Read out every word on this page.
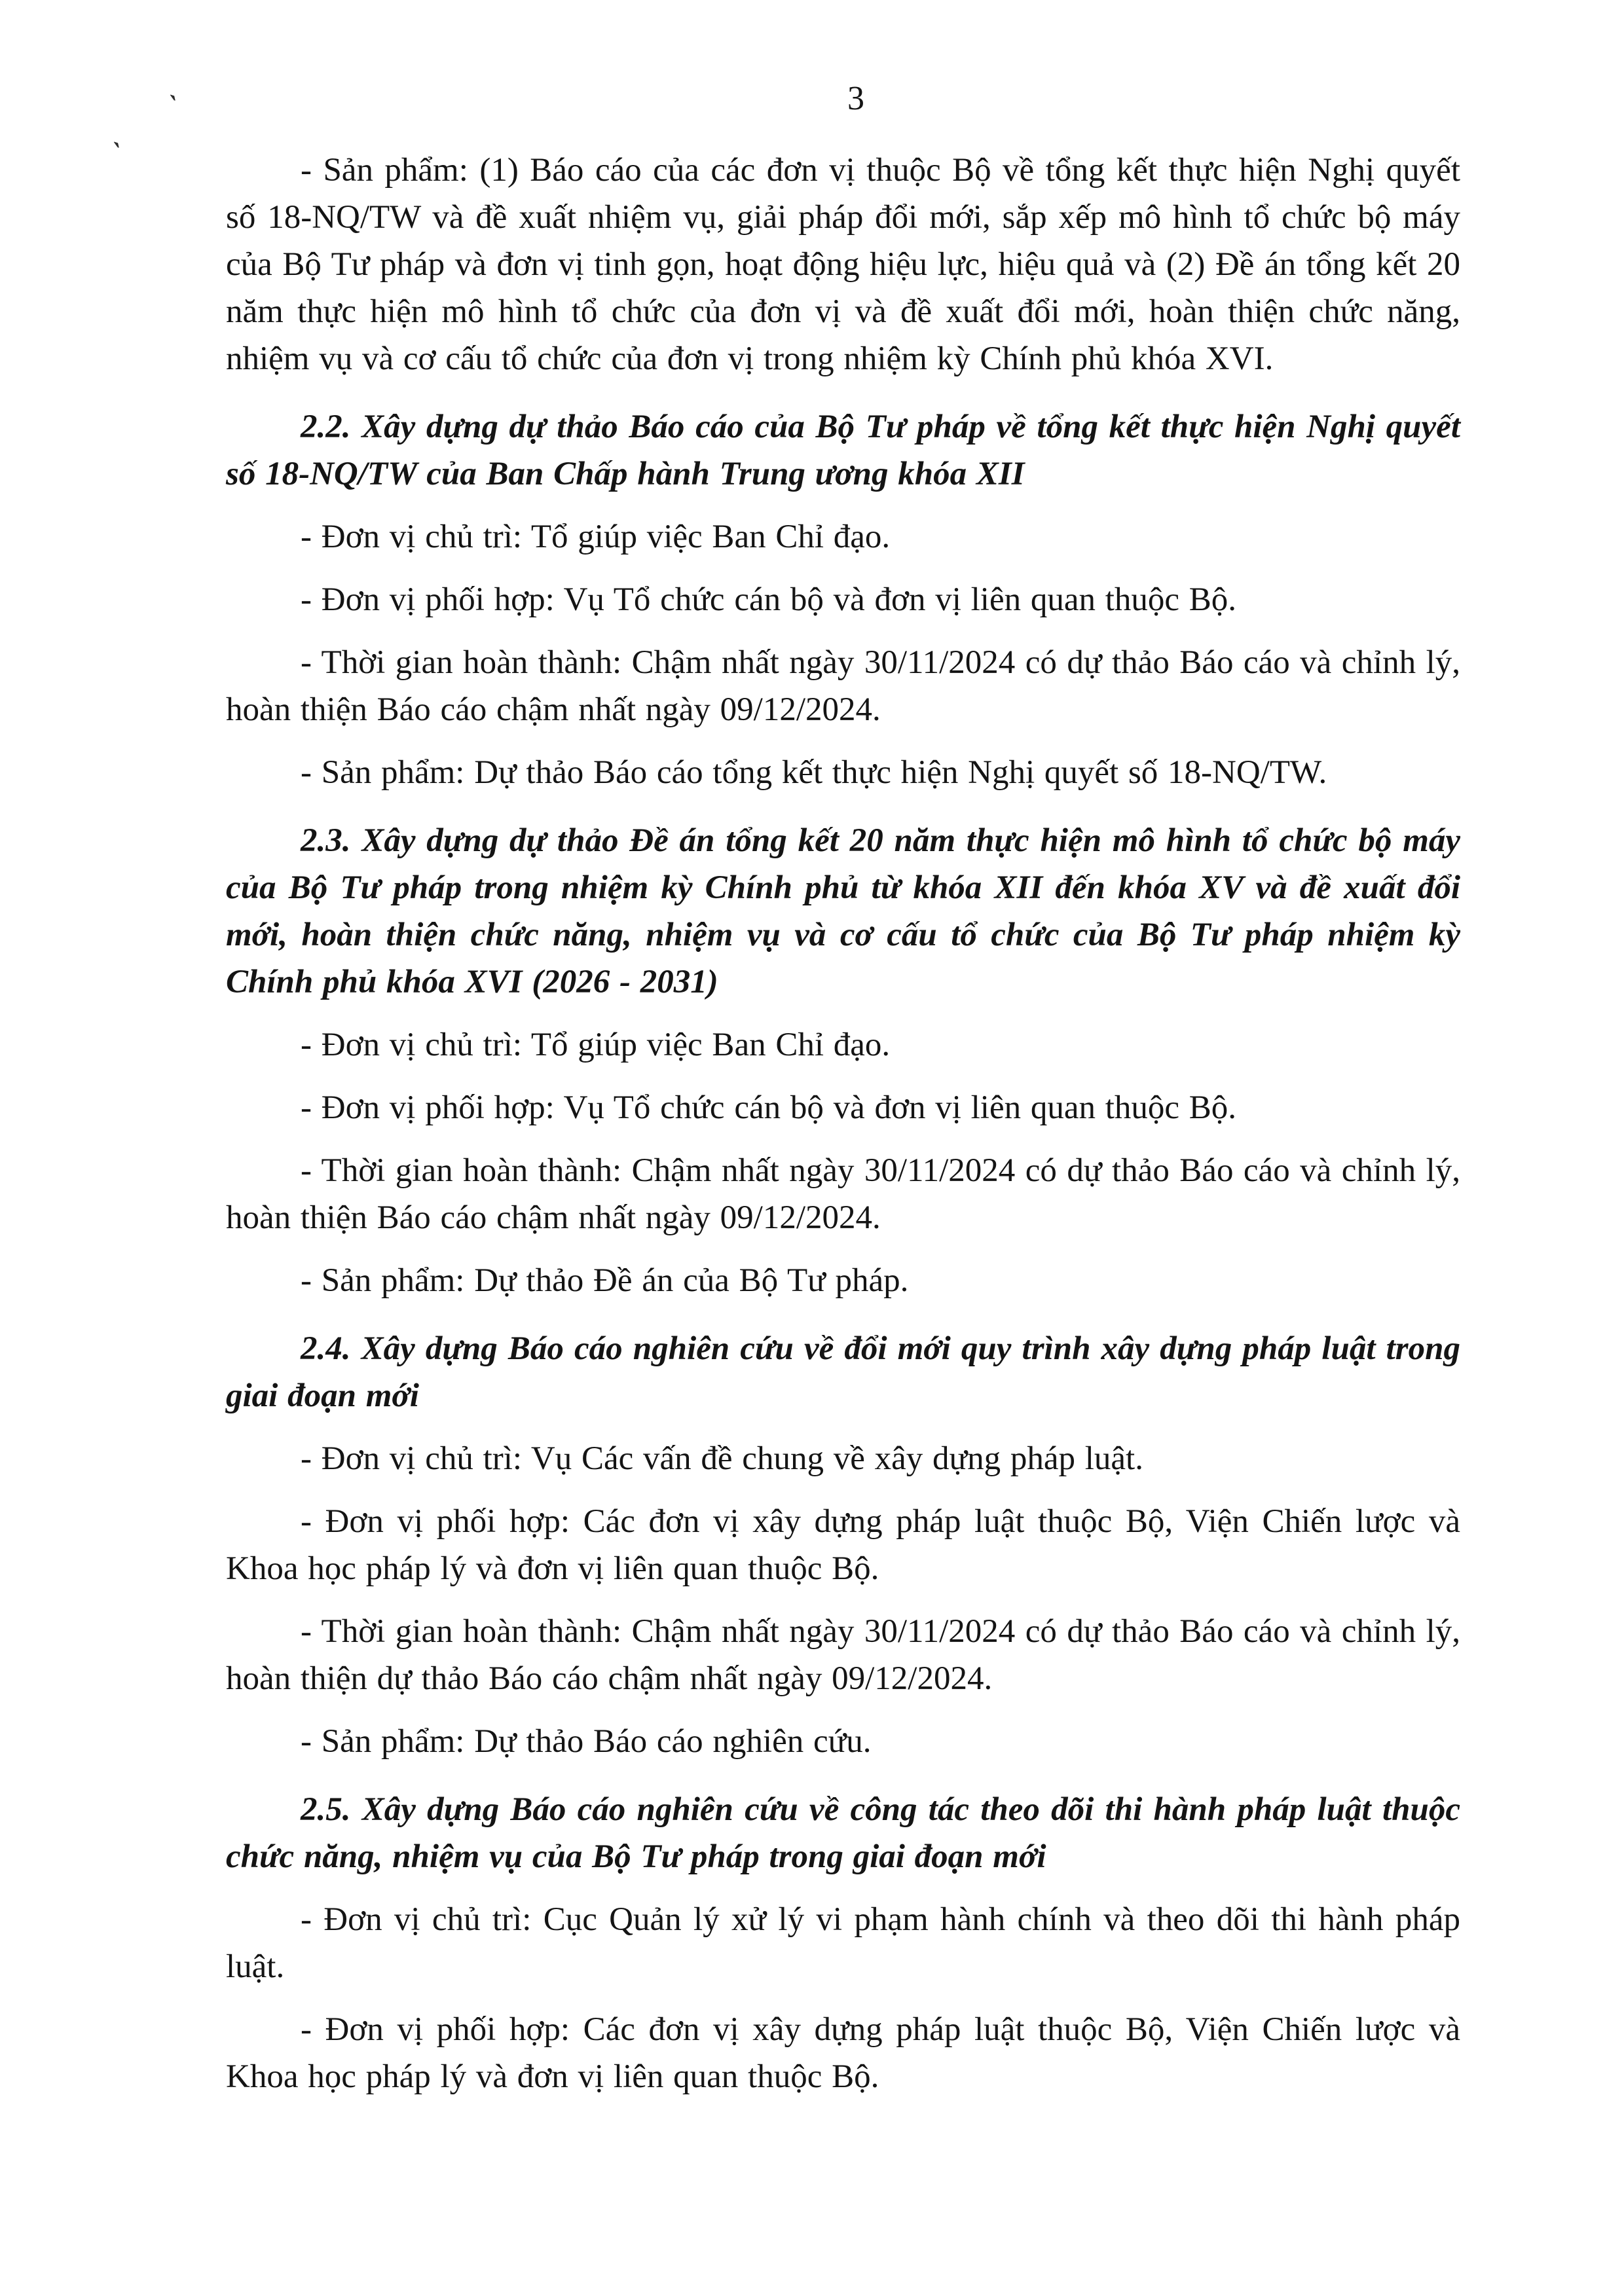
`
`
3

- Sản phẩm: (1) Báo cáo của các đơn vị thuộc Bộ về tổng kết thực hiện Nghị quyết số 18-NQ/TW và đề xuất nhiệm vụ, giải pháp đổi mới, sắp xếp mô hình tổ chức bộ máy của Bộ Tư pháp và đơn vị tinh gọn, hoạt động hiệu lực, hiệu quả và (2) Đề án tổng kết 20 năm thực hiện mô hình tổ chức của đơn vị và đề xuất đổi mới, hoàn thiện chức năng, nhiệm vụ và cơ cấu tổ chức của đơn vị trong nhiệm kỳ Chính phủ khóa XVI.

2.2. Xây dựng dự thảo Báo cáo của Bộ Tư pháp về tổng kết thực hiện Nghị quyết số 18-NQ/TW của Ban Chấp hành Trung ương khóa XII

- Đơn vị chủ trì: Tổ giúp việc Ban Chỉ đạo.

- Đơn vị phối hợp: Vụ Tổ chức cán bộ và đơn vị liên quan thuộc Bộ.

- Thời gian hoàn thành: Chậm nhất ngày 30/11/2024 có dự thảo Báo cáo và chỉnh lý, hoàn thiện Báo cáo chậm nhất ngày 09/12/2024.

- Sản phẩm: Dự thảo Báo cáo tổng kết thực hiện Nghị quyết số 18-NQ/TW.

2.3. Xây dựng dự thảo Đề án tổng kết 20 năm thực hiện mô hình tổ chức bộ máy của Bộ Tư pháp trong nhiệm kỳ Chính phủ từ khóa XII đến khóa XV và đề xuất đổi mới, hoàn thiện chức năng, nhiệm vụ và cơ cấu tổ chức của Bộ Tư pháp nhiệm kỳ Chính phủ khóa XVI (2026 - 2031)

- Đơn vị chủ trì: Tổ giúp việc Ban Chỉ đạo.

- Đơn vị phối hợp: Vụ Tổ chức cán bộ và đơn vị liên quan thuộc Bộ.

- Thời gian hoàn thành: Chậm nhất ngày 30/11/2024 có dự thảo Báo cáo và chỉnh lý, hoàn thiện Báo cáo chậm nhất ngày 09/12/2024.

- Sản phẩm: Dự thảo Đề án của Bộ Tư pháp.

2.4. Xây dựng Báo cáo nghiên cứu về đổi mới quy trình xây dựng pháp luật trong giai đoạn mới

- Đơn vị chủ trì: Vụ Các vấn đề chung về xây dựng pháp luật.

- Đơn vị phối hợp: Các đơn vị xây dựng pháp luật thuộc Bộ, Viện Chiến lược và Khoa học pháp lý và đơn vị liên quan thuộc Bộ.

- Thời gian hoàn thành: Chậm nhất ngày 30/11/2024 có dự thảo Báo cáo và chỉnh lý, hoàn thiện dự thảo Báo cáo chậm nhất ngày 09/12/2024.

- Sản phẩm: Dự thảo Báo cáo nghiên cứu.

2.5. Xây dựng Báo cáo nghiên cứu về công tác theo dõi thi hành pháp luật thuộc chức năng, nhiệm vụ của Bộ Tư pháp trong giai đoạn mới

- Đơn vị chủ trì: Cục Quản lý xử lý vi phạm hành chính và theo dõi thi hành pháp luật.

- Đơn vị phối hợp: Các đơn vị xây dựng pháp luật thuộc Bộ, Viện Chiến lược và Khoa học pháp lý và đơn vị liên quan thuộc Bộ.
